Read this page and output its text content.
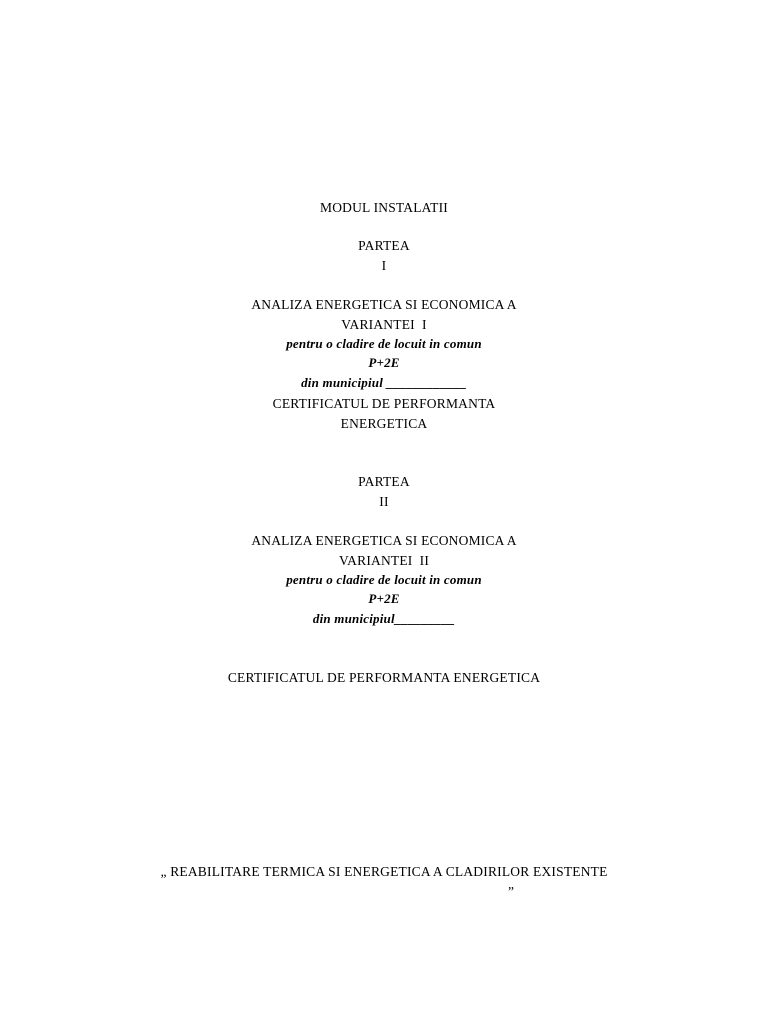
MODUL INSTALATII
PARTEA
I
ANALIZA ENERGETICA SI ECONOMICA A
VARIANTEI  I
pentru o cladire de locuit in comun
P+2E
din municipiul ____________
CERTIFICATUL DE PERFORMANTA
ENERGETICA
PARTEA
II
ANALIZA ENERGETICA SI ECONOMICA A
VARIANTEI  II
pentru o cladire de locuit in comun
P+2E
din municipiul_________
CERTIFICATUL DE PERFORMANTA ENERGETICA
„ REABILITARE TERMICA SI ENERGETICA A CLADIRILOR EXISTENTE
”
